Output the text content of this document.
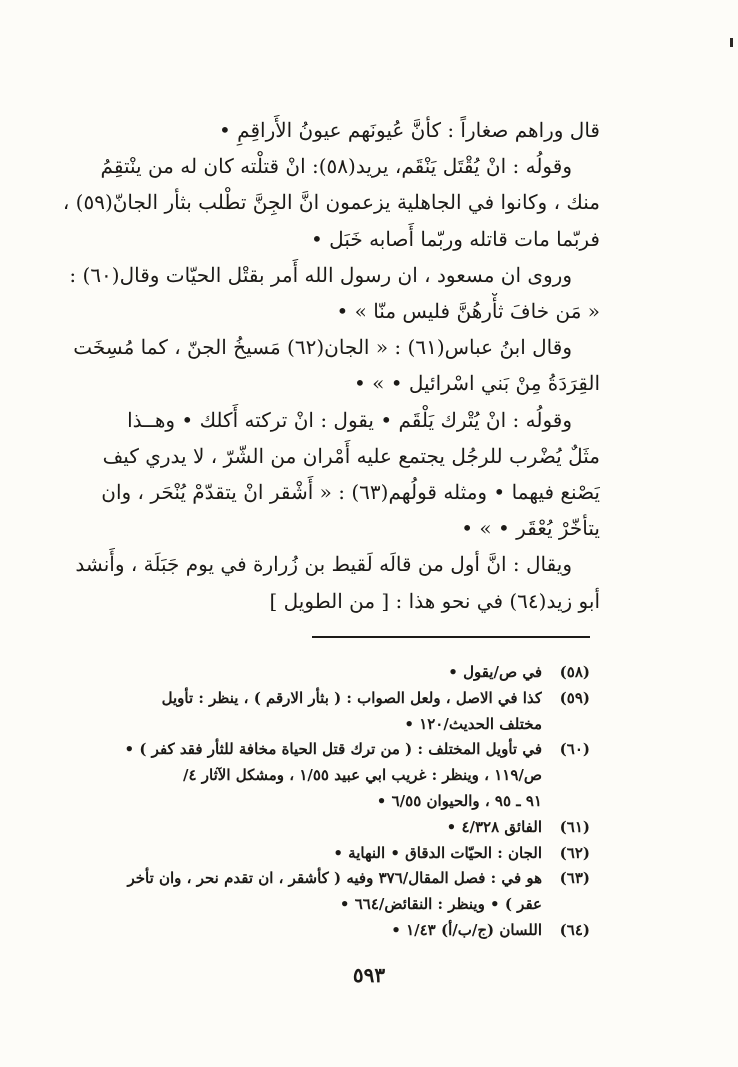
قال وراهم صغاراً : كأنَّ عُيونَهم عيونُ الأَراقِمِ •
وقولُه : انْ يُقْتَل يَنْقَم، يريد(٥٨): انْ قتلْته كان له من ينْتقِمُ
منك ، وكانوا في الجاهلية يزعمون انَّ الجِنَّ تطْلب بثأر الجانّ(٥٩) ،
فربّما مات قاتله وربّما أَصابه خَبَل •
وروى ان مسعود ، ان رسول الله أَمر بقتْل الحيّات وقال(٦٠) :
« مَن خافَ ثأْرهُنَّ فليس منّا » •
وقال ابنُ عباس(٦١) : « الجان(٦٢) مَسيخُ الجنّ ، كما مُسِخَت
القِرَدَةُ مِنْ بَني اسْرائيل • » •
وقولُه : انْ يُتْرك يَلْقَم • يقول : انْ تركته أَكلك • وهــذا
مثَلٌ يُضْرب للرجُل يجتمع عليه أَمْران من الشّرّ ، لا يدري كيف
يَصْنع فيهما • ومثله قولُهم(٦٣) : « أَشْقر انْ يتقدّمْ يُنْحَر ، وان
يتأخّرْ يُعْقَر • » •
ويقال : انَّ أول من قالَه لَقيط بن زُرارة في يوم جَبَلَة ، وأَنشد
أبو زيد(٦٤) في نحو هذا : [ من الطويل ]
(٥٨)
في ص/يقول •
(٥٩)
كذا في الاصل ، ولعل الصواب : ( بثأر الارقم ) ، ينظر : تأويل
مختلف الحديث/١٢٠ •
(٦٠)
في تأويل المختلف : ( من ترك قتل الحياة مخافة للثأر فقد كفر ) •
ص/١١٩ ، وينظر : غريب ابي عبيد ١/٥٥ ، ومشكل الآثار ٤/
٩١ ـ ٩٥ ، والحيوان ٦/٥٥ •
(٦١)
الفائق ٤/٣٢٨ •
(٦٢)
الجان : الحيّات الدقاق • النهاية •
(٦٣)
هو في : فصل المقال/٣٧٦ وفيه ( كأشقر ، ان تقدم نحر ، وان تأخر
عقر ) • وينظر : النقائض/٦٦٤ •
(٦٤)
اللسان (ج/ب/أ) ١/٤٣ •
٥٩٣
